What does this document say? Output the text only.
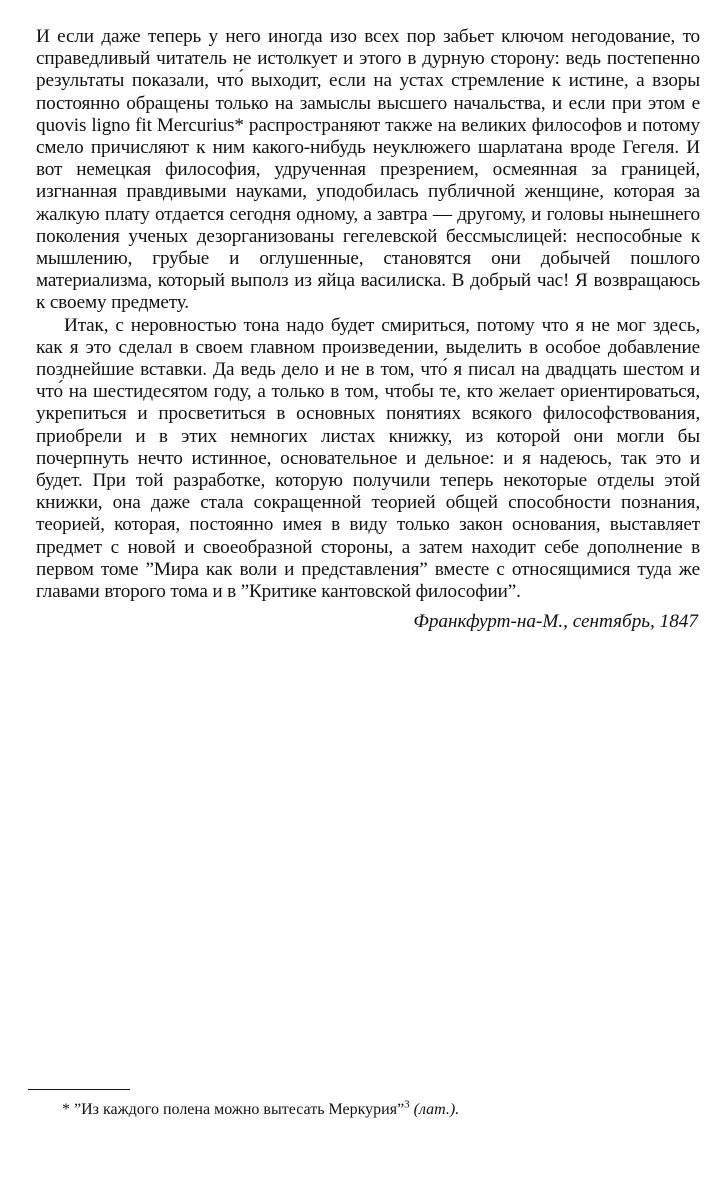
И если даже теперь у него иногда изо всех пор забьет ключом негодование, то справедливый читатель не истолкует и этого в дурную сторону: ведь постепенно результаты показали, что́ выходит, если на устах стремление к истине, а взоры постоянно обращены только на замыслы высшего начальства, и если при этом e quovis ligno fit Mercurius* распространяют также на великих философов и потому смело причисляют к ним какого-нибудь неуклюжего шарлатана вроде Гегеля. И вот немецкая философия, удрученная презрением, осмеянная за границей, изгнанная правдивыми науками, уподобилась публичной женщине, которая за жалкую плату отдается сегодня одному, а завтра — другому, и головы нынешнего поколения ученых дезорганизованы гегелевской бессмыслицей: неспособные к мышлению, грубые и оглушенные, становятся они добычей пошлого материализма, который выполз из яйца василиска. В добрый час! Я возвращаюсь к своему предмету.

Итак, с неровностью тона надо будет смириться, потому что я не мог здесь, как я это сделал в своем главном произведении, выделить в особое добавление позднейшие вставки. Да ведь дело и не в том, что́ я писал на двадцать шестом и что́ на шестидесятом году, а только в том, чтобы те, кто желает ориентироваться, укрепиться и просветиться в основных понятиях всякого философствования, приобрели и в этих немногих листах книжку, из которой они могли бы почерпнуть нечто истинное, основательное и дельное: и я надеюсь, так это и будет. При той разработке, которую получили теперь некоторые отделы этой книжки, она даже стала сокращенной теорией общей способности познания, теорией, которая, постоянно имея в виду только закон основания, выставляет предмет с новой и своеобразной стороны, а затем находит себе дополнение в первом томе ”Мира как воли и представления” вместе с относящимися туда же главами второго тома и в ”Критике кантовской философии”.

Франкфурт-на-М., сентябрь, 1847

* ”Из каждого полена можно вытесать Меркурия”$^3$ (лат.).
